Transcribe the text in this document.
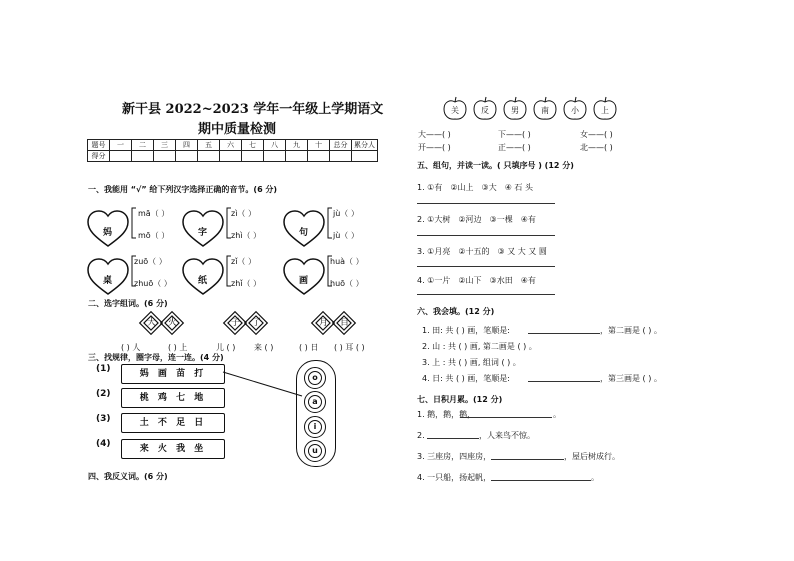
新干县 2022~2023 学年一年级上学期语文
期中质量检测
题号	一	二	三	四	五	六	七	八	九	十	总分	累分人
得分												
一、我能用 “√” 给下列汉字选择正确的音节。(6 分)
妈
mā（ ）
mō（ ）	字
zì（ ）
zhì（ ）	句
jù（ ）
jù（ ）
桌
zuō（ ）
zhuō（ ）	纸
zǐ（ ）
zhǐ（ ）	画
huà（ ）
huō（ ）
二、选字组词。(6 分)
大 火	子 了	月 目
( ) 人	( ) 上	儿 ( ) 来 ( )	( ) 日 ( ) 耳 ( )
三、找规律，圈字母，连一连。(4 分)
(1)
(2)
(3)
(4)
妈 画 苗 打
桃 鸡 七 地
土 不 足 日
来 火 我 坐
o
a
i
u
四、我反义词。(6 分)
关	反	男	南	小	上
大——( )	下——( )	女——( )
开——( )	正——( )	北——( )
五、组句，并读一读。( 只填序号 ) (12 分)
1. ①有　②山上　③大　④ 石 头
2. ①大树　②河边　③一棵　④有
3. ①月亮　②十五的　③ 又 大 又 圆
4. ①一片　②山下　③水田　④有
六、我会填。(12 分)
1. 田: 共 ( ) 画，笔顺是:	，第二画是 ( ) 。
2. 山 : 共 ( ) 画, 第二画是 ( ) 。
3. 上 : 共 ( ) 画, 组词 ( ) 。
4. 日: 共 ( ) 画，笔顺是:	，第三画是 ( ) 。
七、日积月累。(12 分)
1. 鹅，鹅，鹅，	。
2.	，人来鸟不惊。
3. 三座房，四座房，	，屋后树成行。
4. 一只船，扬起帆，	。
